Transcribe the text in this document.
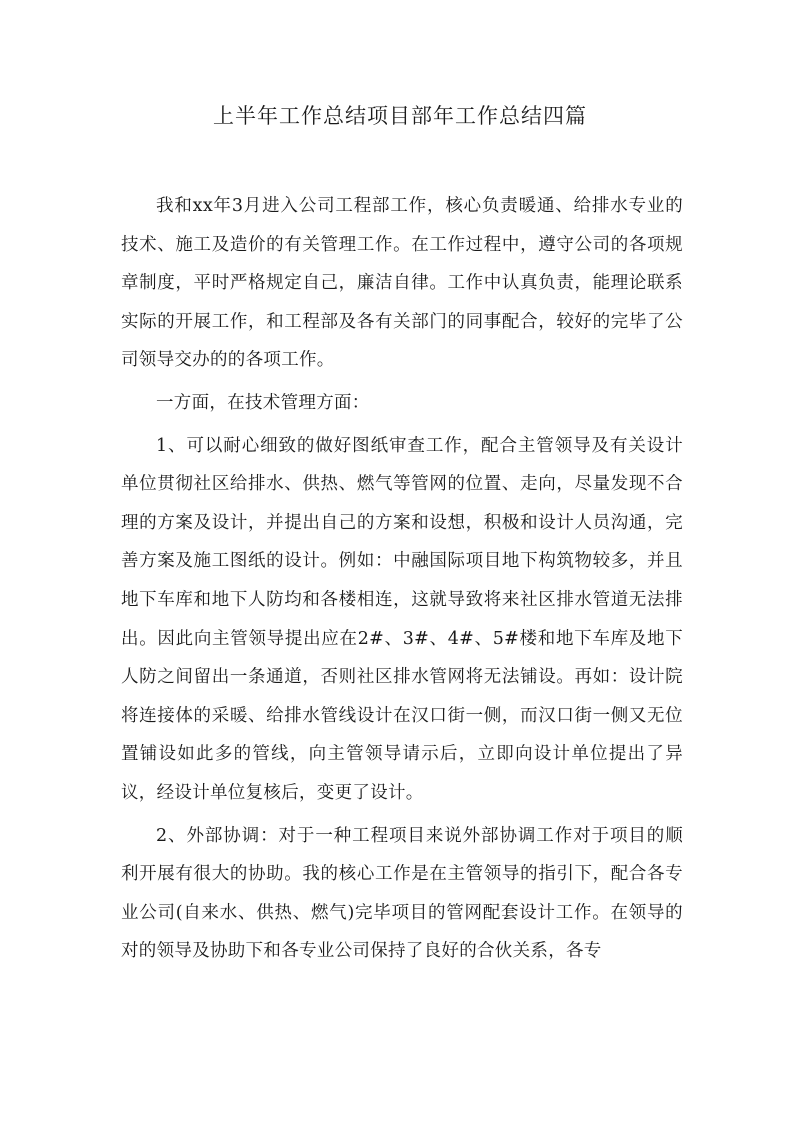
上半年工作总结项目部年工作总结四篇

我和xx年3月进入公司工程部工作，核心负责暖通、给排水专业的技术、施工及造价的有关管理工作。在工作过程中，遵守公司的各项规章制度，平时严格规定自己，廉洁自律。工作中认真负责，能理论联系实际的开展工作，和工程部及各有关部门的同事配合，较好的完毕了公司领导交办的的各项工作。

一方面，在技术管理方面：

1、可以耐心细致的做好图纸审查工作，配合主管领导及有关设计单位贯彻社区给排水、供热、燃气等管网的位置、走向，尽量发现不合理的方案及设计，并提出自己的方案和设想，积极和设计人员沟通，完善方案及施工图纸的设计。例如：中融国际项目地下构筑物较多，并且地下车库和地下人防均和各楼相连，这就导致将来社区排水管道无法排出。因此向主管领导提出应在2#、3#、4#、5#楼和地下车库及地下人防之间留出一条通道，否则社区排水管网将无法铺设。再如：设计院将连接体的采暖、给排水管线设计在汉口街一侧，而汉口街一侧又无位置铺设如此多的管线，向主管领导请示后，立即向设计单位提出了异议，经设计单位复核后，变更了设计。

2、外部协调：对于一种工程项目来说外部协调工作对于项目的顺利开展有很大的协助。我的核心工作是在主管领导的指引下，配合各专业公司(自来水、供热、燃气)完毕项目的管网配套设计工作。在领导的对的领导及协助下和各专业公司保持了良好的合伙关系，各专
